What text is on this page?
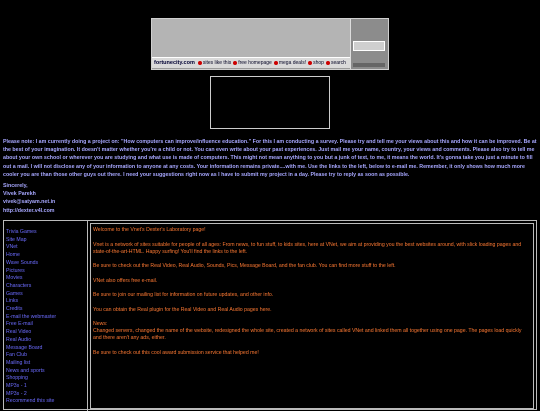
fortunecity.com	sites like this free homepage mega deals! shop search
Please note: I am currently doing a project on: "How computers can improve/influence education." For this I am conducting a survey. Please try and tell me your views about this and how it can be improved. Be at the best of your imagination. It doesn't matter whether you're a child or not. You can even write about your past experiences. Just mail me your name, country, your views and comments. Please also try to tell me about your own school or wherever you are studying and what use is made of computers. This might not mean anything to you but a junk of text, to me, it means the world. It's gonna take you just a minute to fill out a mail. I will not disclose any of your information to anyone at any costs. Your information remains private....with me. Use the links to the left, below to e-mail me. Remember, it only shows how much more cooler you are than those other guys out there. I need your suggestions right now as I have to submit my project in a day. Please try to reply as soon as possible.
Sincerely,
Vivek Parekh
vivek@satyam.net.in
http://dexter.v4l.com
Trivia Games
Site Map
VNet
Home
Wave Sounds
Pictures
Movies
Characters
Games
Links
Credits
E-mail the webmaster
Free E-mail
Real Video
Real Audio
Message Board
Fan Club
Mailing list
News and sports
Shopping
MP3s - 1
MP3s - 2
Recommend this site

Welcome to the Vnet's Dexter's Laboratory page!

Vnet is a network of sites suitable for people of all ages: From news, to fun stuff, to kids sites, here at VNet, we aim at providing you the best websites around, with slick loading pages and state-of-the-art-HTML. Happy surfing! You'll find the links to the left.

Be sure to check out the Real Video, Real Audio, Sounds, Pics, Message Board, and the fan club. You can find more stuff to the left.

VNet also offers free e-mail.

Be sure to join our mailing list for information on future updates, and other info.

You can obtain the Real plugin for the Real Video and Real Audio pages here.

News:
Changed servers, changed the name of the website, redesigned the whole site, created a network of sites called VNet and linked them all together using one page. The pages load quickly and there aren't any ads, either.

Be sure to check out this cool award submission service that helped me!
